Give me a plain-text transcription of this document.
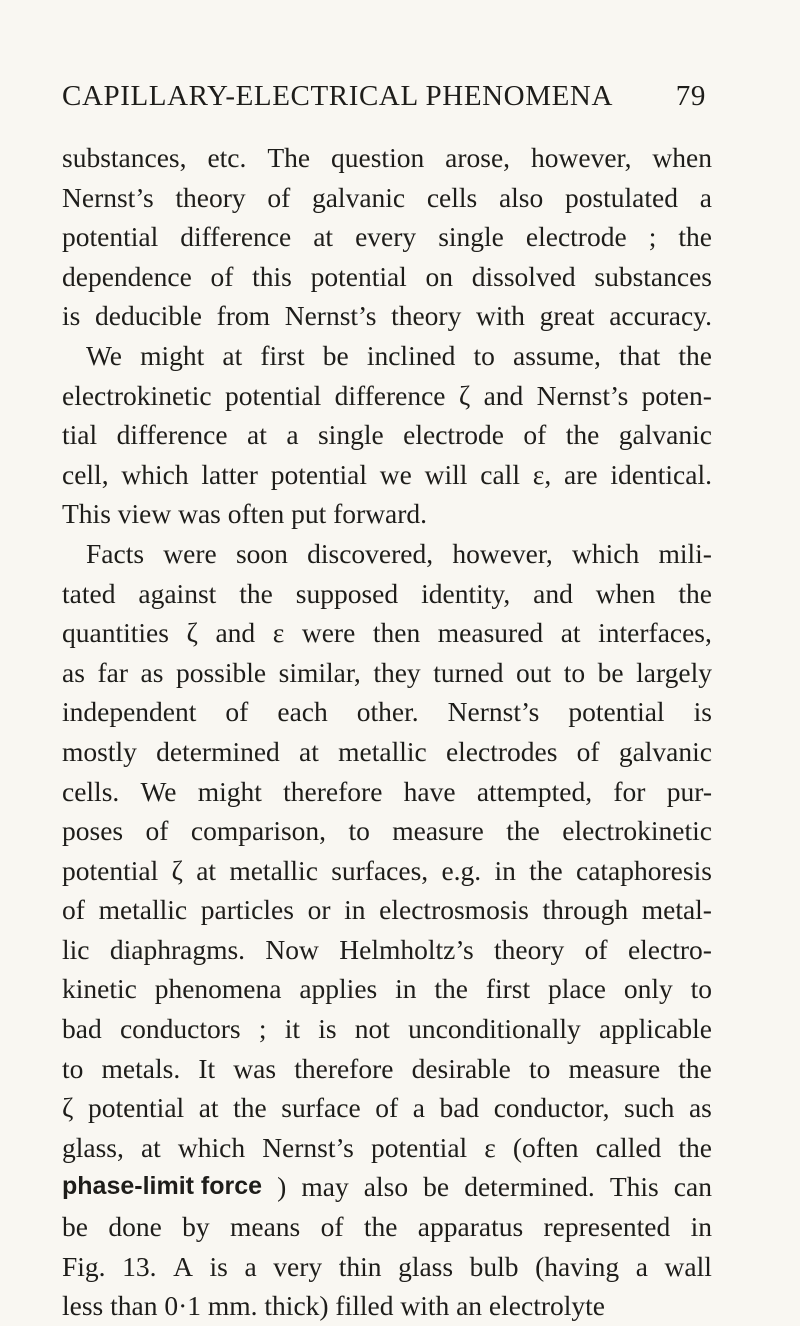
CAPILLARY-ELECTRICAL PHENOMENA 79
substances, etc. The question arose, however, when
Nernst’s theory of galvanic cells also postulated a
potential difference at every single electrode ; the
dependence of this potential on dissolved substances
is deducible from Nernst’s theory with great accuracy.
We might at first be inclined to assume, that the
electrokinetic potential difference ζ and Nernst’s poten-
tial difference at a single electrode of the galvanic
cell, which latter potential we will call ε, are identical.
This view was often put forward.
Facts were soon discovered, however, which mili-
tated against the supposed identity, and when the
quantities ζ and ε were then measured at interfaces,
as far as possible similar, they turned out to be largely
independent of each other. Nernst’s potential is
mostly determined at metallic electrodes of galvanic
cells. We might therefore have attempted, for pur-
poses of comparison, to measure the electrokinetic
potential ζ at metallic surfaces, e.g. in the cataphoresis
of metallic particles or in electrosmosis through metal-
lic diaphragms. Now Helmholtz’s theory of electro-
kinetic phenomena applies in the first place only to
bad conductors ; it is not unconditionally applicable
to metals. It was therefore desirable to measure the
ζ potential at the surface of a bad conductor, such as
glass, at which Nernst’s potential ε (often called the
phase-limit force ) may also be determined. This can
be done by means of the apparatus represented in
Fig. 13. A is a very thin glass bulb (having a wall
less than 0·1 mm. thick) filled with an electrolyte
